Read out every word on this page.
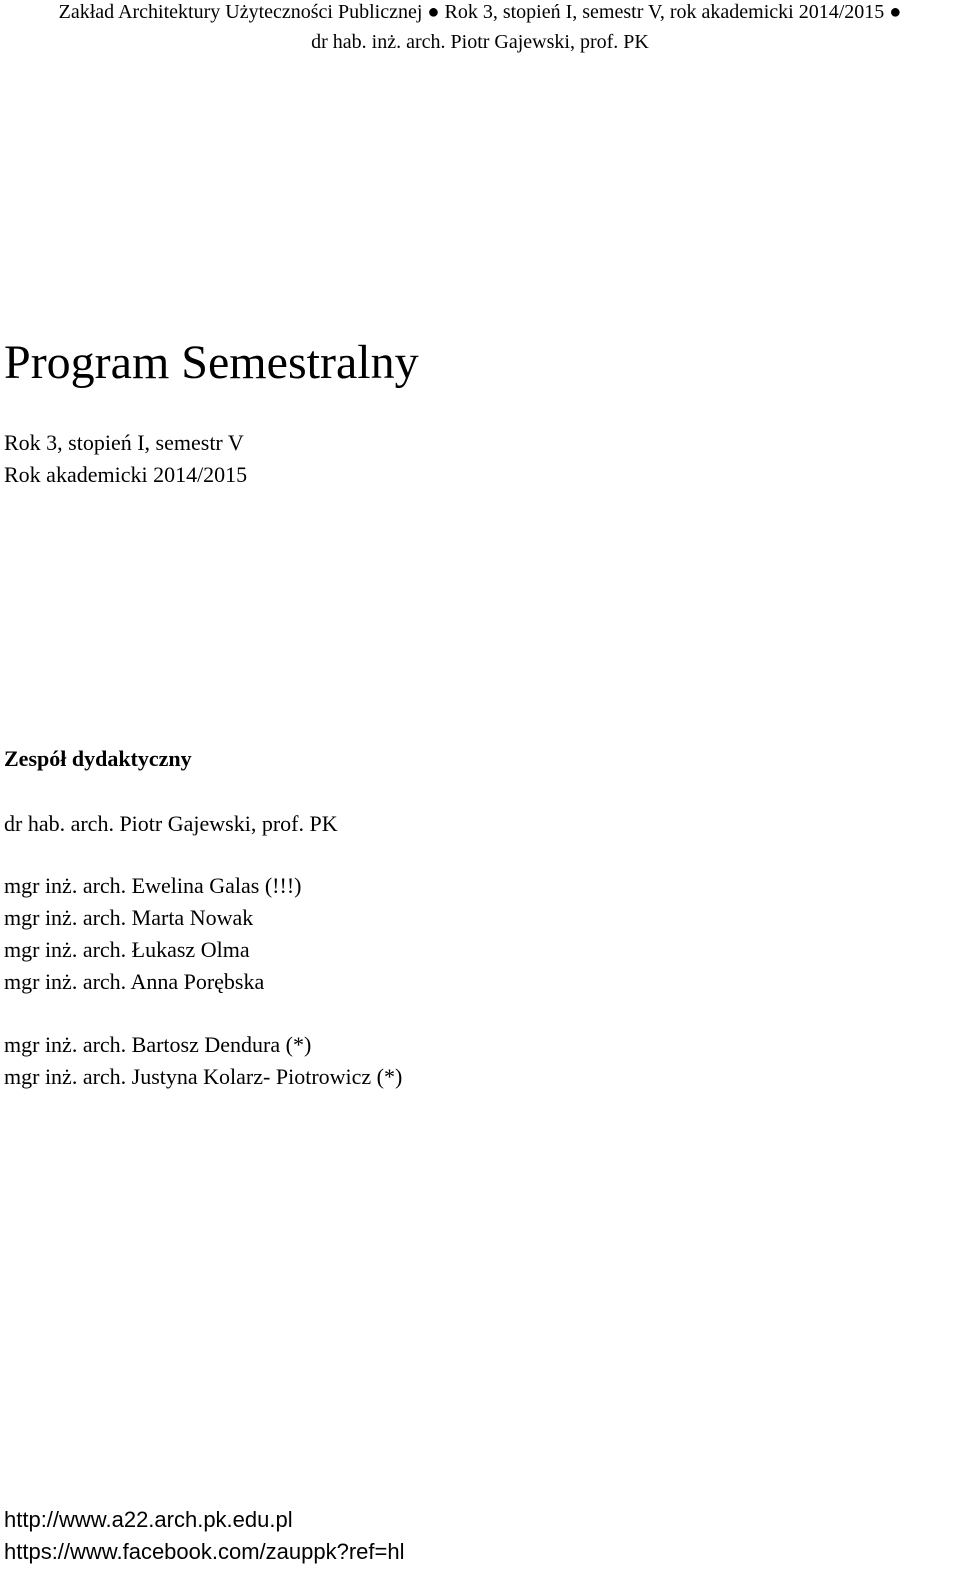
Zakład Architektury Użyteczności Publicznej ● Rok 3, stopień I, semestr V, rok akademicki 2014/2015 ●
dr hab. inż. arch. Piotr Gajewski, prof. PK
Program Semestralny
Rok 3, stopień I, semestr V
Rok akademicki 2014/2015
Zespół dydaktyczny
dr hab. arch. Piotr Gajewski, prof. PK
mgr inż. arch. Ewelina Galas (!!!)
mgr inż. arch. Marta Nowak
mgr inż. arch. Łukasz Olma
mgr inż. arch. Anna Porębska
mgr inż. arch. Bartosz Dendura (*)
mgr inż. arch. Justyna Kolarz- Piotrowicz (*)
http://www.a22.arch.pk.edu.pl
https://www.facebook.com/zauppk?ref=hl
